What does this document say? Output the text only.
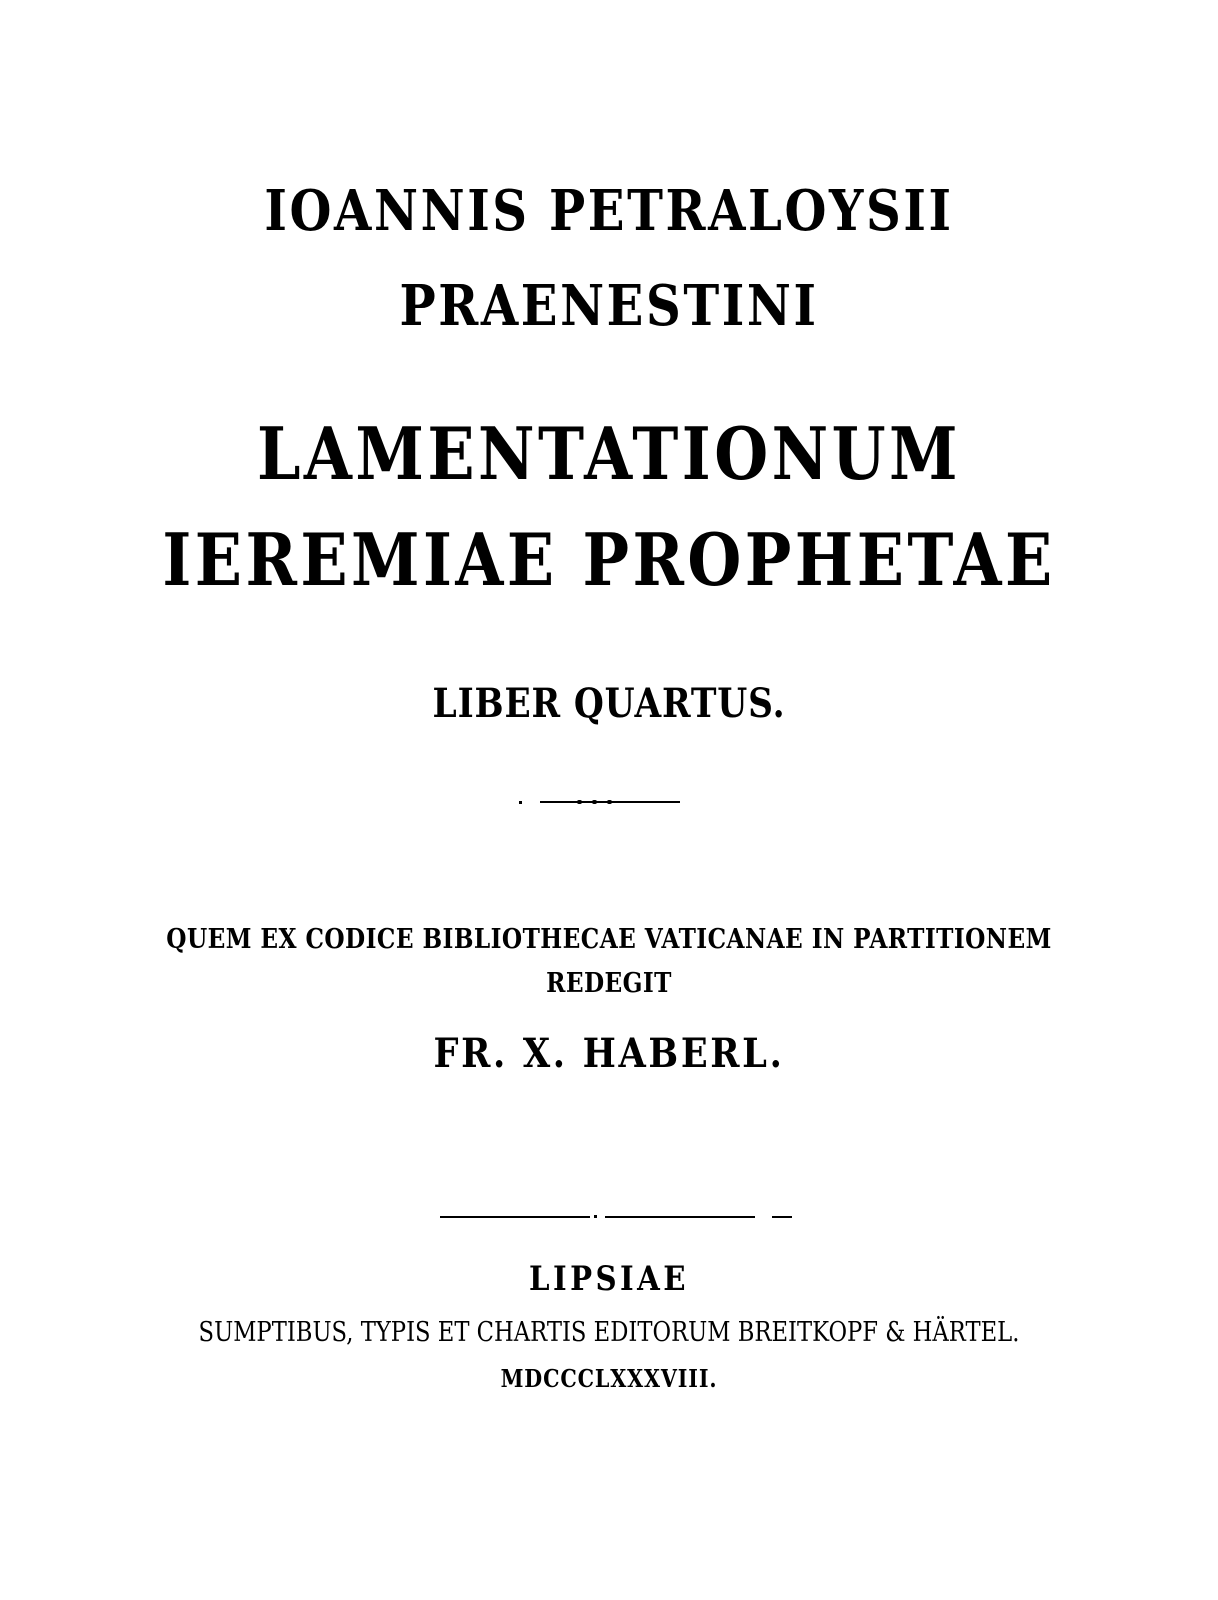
IOANNIS PETRALOYSII
PRAENESTINI
LAMENTATIONUM
IEREMIAE PROPHETAE
LIBER QUARTUS.
QUEM EX CODICE BIBLIOTHECAE VATICANAE IN PARTITIONEM
REDEGIT
FR. X. HABERL.
LIPSIAE
SUMPTIBUS, TYPIS ET CHARTIS EDITORUM BREITKOPF & HÄRTEL.
MDCCCLXXXVIII.
